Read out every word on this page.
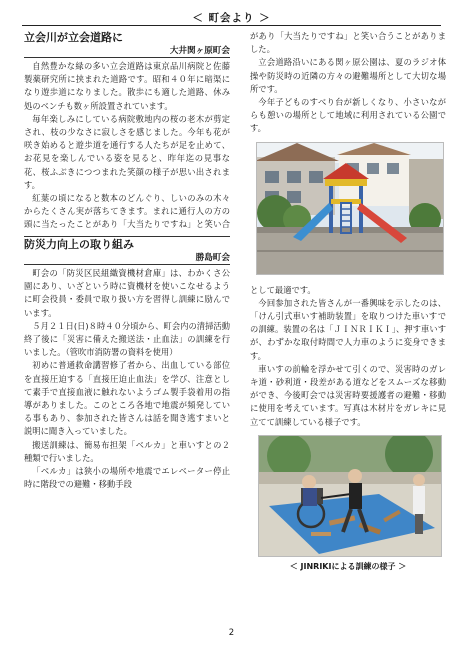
＜ 町会より ＞

立会川が立会道路に

大井関ヶ原町会

自然豊かな緑の多い立会道路は東京品川病院と佐藤製薬研究所に挟まれた道路です。昭和４０年に暗渠になり遊歩道になりました。散歩にも適した道路、休み処のベンチも数ヶ所設置されています。

毎年楽しみにしている病院敷地内の桜の老木が剪定され、枝の少なさに寂しさを感じました。今年も花が咲き始めると遊歩道を通行する人たちが足を止めて、お花見を楽しんでいる姿を見ると、昨年迄の見事な花、桜ふぶきにつつまれた笑顔の様子が思い出されます。

紅葉の頃になると数本のどんぐり、しいのみの木々からたくさん実が落ちてきます。まれに通行人の方の頭に当たったことがあり「大当たりですね」と笑い合

防災力向上の取り組み

勝島町会

町会の「防災区民組織資機材倉庫」は、わかくさ公園にあり、いざという時に資機材を使いこなせるように町会役員・委員で取り扱い方を習得し訓練に励んでいます。

５月２１日(日)８時４０分頃から、町会内の清掃活動終了後に「災害に備えた搬送法・止血法」の訓練を行いました。（管吹市消防署の資料を使用）

初めに普通救命講習修了者から、出血している部位を直接圧迫する「直接圧迫止血法」を学び、注意として素手で直接血液に触れないようゴム製手袋着用の指導がありました。このところ各地で地震が頻発している事もあり、参加された皆さんは話を聞き逃すまいと説明に聞き入っていました。

搬送訓練は、簡易布担架「ベルカ」と車いすとの２種類で行いました。

「ベルカ」は狭小の場所や地震でエレベーター停止時に階段での避難・移動手段

があり「大当たりですね」と笑い合うことがありました。

立会道路沿いにある関ヶ原公園は、夏のラジオ体操や防災時の近隣の方々の避難場所として大切な場所です。

今年子どものすべり台が新しくなり、小さいながらも憩いの場所として地域に利用されている公園です。

として最適です。

今回参加された皆さんが一番興味を示したのは、「けん引式車いす補助装置」を取りつけた車いすでの訓練。装置の名は「ＪＩＮＲＩＫＩ」、押す車いすが、わずかな取付時間で人力車のように変身できます。

車いすの前輪を浮かせて引くので、災害時のガレキ道・砂利道・段差がある道などをスムーズな移動ができ、今後町会では災害時要援護者の避難・移動に使用を考えています。写真は木材片をガレキに見立てて訓練している様子です。

＜ JINRIKIによる訓練の様子 ＞
2
